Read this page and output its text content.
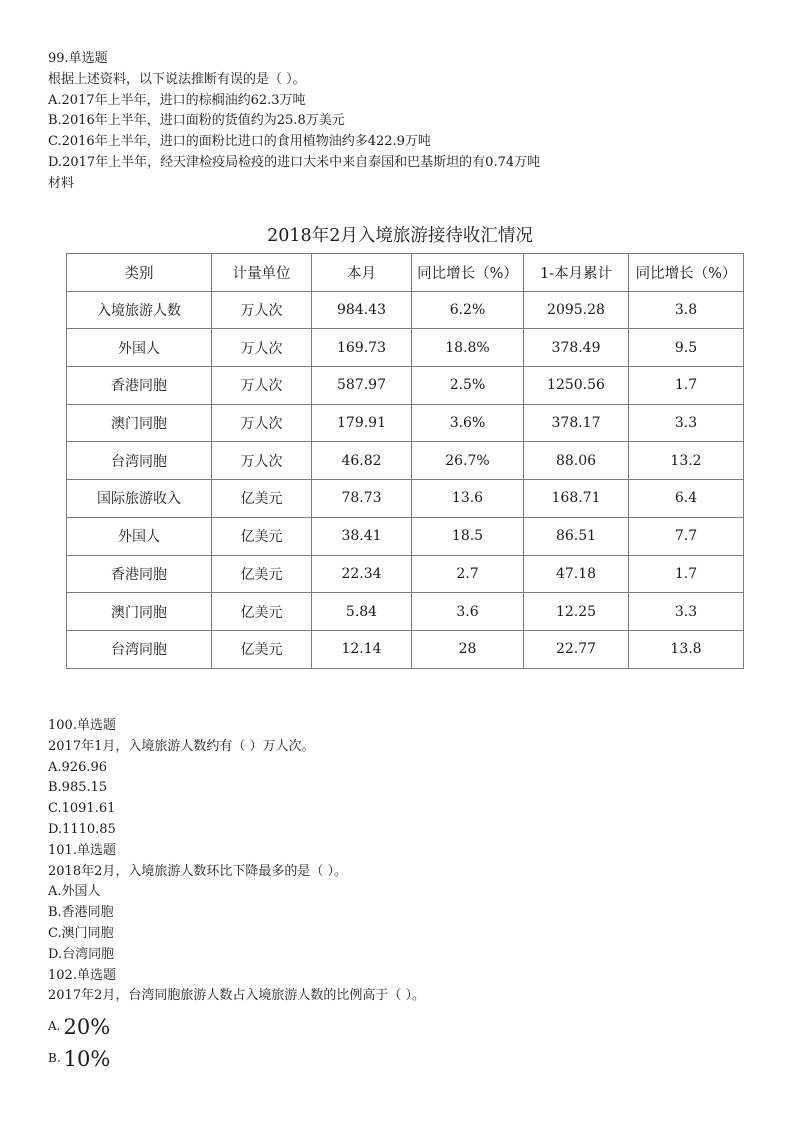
99.单选题
根据上述资料，以下说法推断有误的是（ ）。
A.2017年上半年，进口的棕榈油约62.3万吨
B.2016年上半年，进口面粉的货值约为25.8万美元
C.2016年上半年，进口的面粉比进口的食用植物油约多422.9万吨
D.2017年上半年，经天津检疫局检疫的进口大米中来自泰国和巴基斯坦的有0.74万吨
材料
2018年2月入境旅游接待收汇情况
类别	计量单位	本月	同比增长（%）	1-本月累计	同比增长（%）
入境旅游人数	万人次	984.43	6.2%	2095.28	3.8
外国人	万人次	169.73	18.8%	378.49	9.5
香港同胞	万人次	587.97	2.5%	1250.56	1.7
澳门同胞	万人次	179.91	3.6%	378.17	3.3
台湾同胞	万人次	46.82	26.7%	88.06	13.2
国际旅游收入	亿美元	78.73	13.6	168.71	6.4
外国人	亿美元	38.41	18.5	86.51	7.7
香港同胞	亿美元	22.34	2.7	47.18	1.7
澳门同胞	亿美元	5.84	3.6	12.25	3.3
台湾同胞	亿美元	12.14	28	22.77	13.8
100.单选题
2017年1月，入境旅游人数约有（ ）万人次。
A.926.96
B.985.15
C.1091.61
D.1110.85
101.单选题
2018年2月，入境旅游人数环比下降最多的是（ ）。
A.外国人
B.香港同胞
C.澳门同胞
D.台湾同胞
102.单选题
2017年2月，台湾同胞旅游人数占入境旅游人数的比例高于（ ）。
A. 20%
B. 10%
